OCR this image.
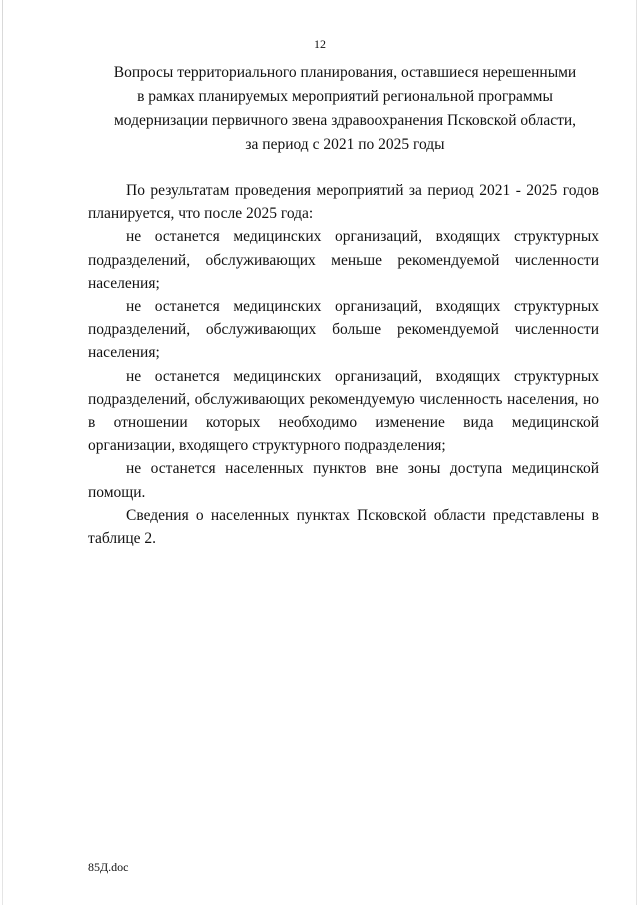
12
Вопросы территориального планирования, оставшиеся нерешенными
в рамках планируемых мероприятий региональной программы
модернизации первичного звена здравоохранения Псковской области,
за период с 2021 по 2025 годы

По результатам проведения мероприятий за период 2021 - 2025 годов планируется, что после 2025 года:

не останется медицинских организаций, входящих структурных подразделений, обслуживающих меньше рекомендуемой численности населения;

не останется медицинских организаций, входящих структурных подразделений, обслуживающих больше рекомендуемой численности населения;

не останется медицинских организаций, входящих структурных подразделений, обслуживающих рекомендуемую численность населения, но в отношении которых необходимо изменение вида медицинской организации, входящего структурного подразделения;

не останется населенных пунктов вне зоны доступа медицинской помощи.

Сведения о населенных пунктах Псковской области представлены в таблице 2.

85Д.doc
